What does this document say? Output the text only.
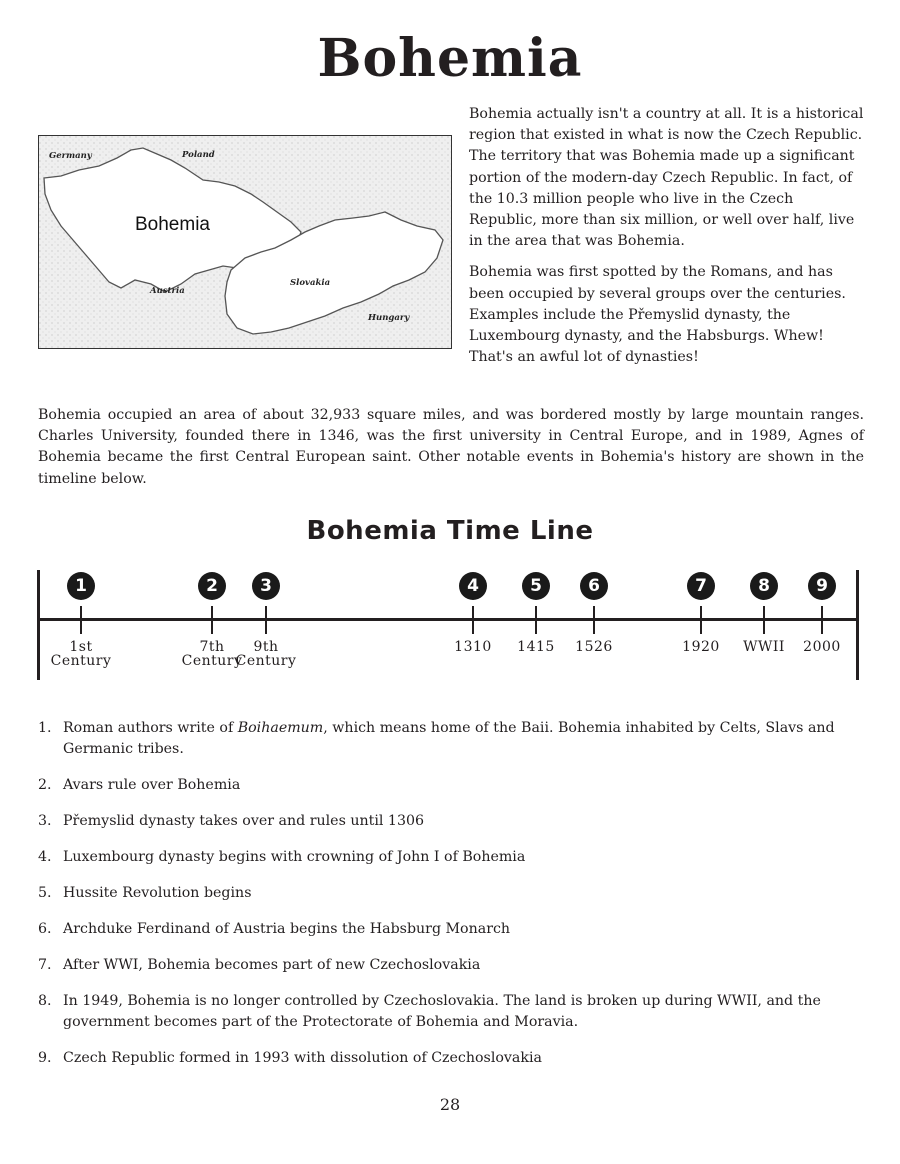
Bohemia
Germany	Poland
Bohemia
Austria
Slovakia
Hungary

Bohemia actually isn't a country at all. It is a historical region that existed in what is now the Czech Republic. The territory that was Bohemia made up a significant portion of the modern-day Czech Republic. In fact, of the 10.3 million people who live in the Czech Republic, more than six million, or well over half, live in the area that was Bohemia.

Bohemia was first spotted by the Romans, and has been occupied by several groups over the centuries. Examples include the Přemyslid dynasty, the Luxembourg dynasty, and the Habsburgs. Whew! That's an awful lot of dynasties!

Bohemia occupied an area of about 32,933 square miles, and was bordered mostly by large mountain ranges. Charles University, founded there in 1346, was the first university in Central Europe, and in 1989, Agnes of Bohemia became the first Central European saint. Other notable events in Bohemia's history are shown in the timeline below.

Bohemia Time Line
1
1st
Century
2
7th
Century
3
9th
Century
4
1310
5
1415
6
1526
7
1920
8
WWII
9
2000
1. Roman authors write of Boihaemum, which means home of the Baii. Bohemia inhabited by Celts, Slavs and Germanic tribes.
2. Avars rule over Bohemia
3. Přemyslid dynasty takes over and rules until 1306
4. Luxembourg dynasty begins with crowning of John I of Bohemia
5. Hussite Revolution begins
6. Archduke Ferdinand of Austria begins the Habsburg Monarch
7. After WWI, Bohemia becomes part of new Czechoslovakia
8. In 1949, Bohemia is no longer controlled by Czechoslovakia. The land is broken up during WWII, and the government becomes part of the Protectorate of Bohemia and Moravia.
9. Czech Republic formed in 1993 with dissolution of Czechoslovakia
28
